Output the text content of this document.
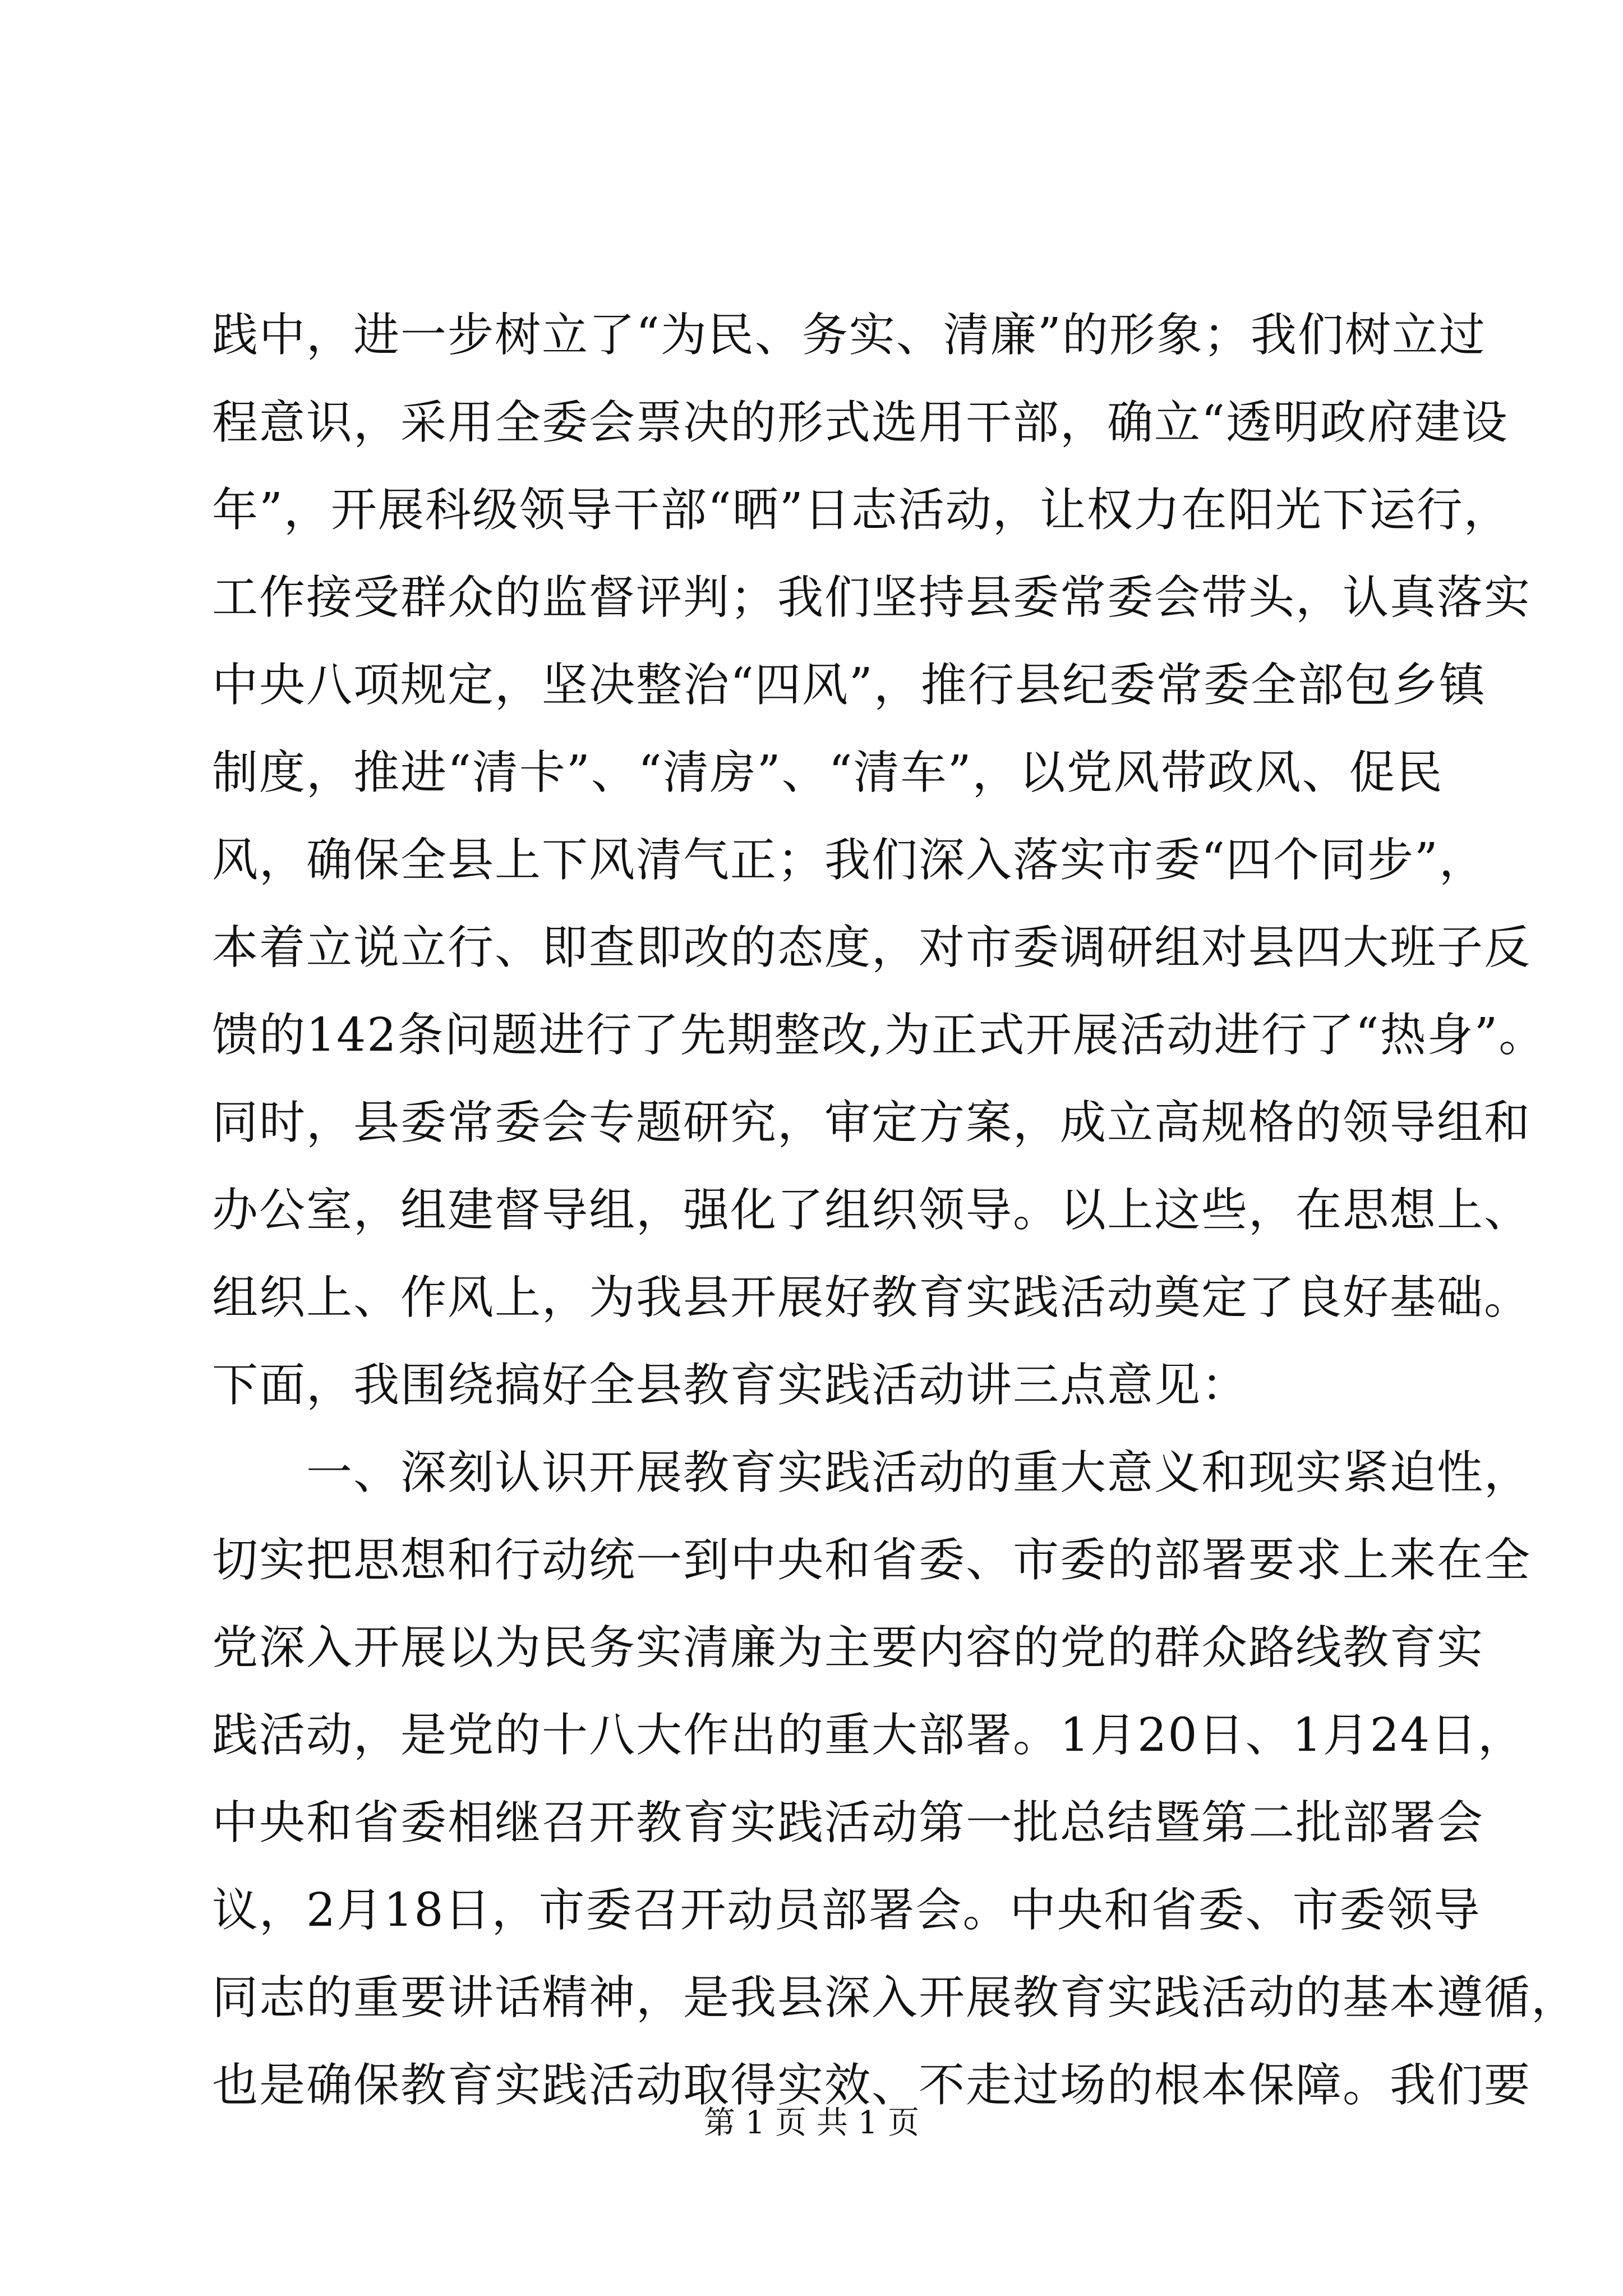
践中，进一步树立了“为民、务实、清廉”的形象；我们树立过
程意识，采用全委会票决的形式选用干部，确立“透明政府建设
年”，开展科级领导干部“晒”日志活动，让权力在阳光下运行，
工作接受群众的监督评判；我们坚持县委常委会带头，认真落实
中央八项规定，坚决整治“四风”，推行县纪委常委全部包乡镇
制度，推进“清卡”、“清房”、“清车”，以党风带政风、促民
风，确保全县上下风清气正；我们深入落实市委“四个同步”，
本着立说立行、即查即改的态度，对市委调研组对县四大班子反
馈的142条问题进行了先期整改,为正式开展活动进行了“热身”。
同时，县委常委会专题研究，审定方案，成立高规格的领导组和
办公室，组建督导组，强化了组织领导。以上这些，在思想上、
组织上、作风上，为我县开展好教育实践活动奠定了良好基础。
下面，我围绕搞好全县教育实践活动讲三点意见：
　　一、深刻认识开展教育实践活动的重大意义和现实紧迫性，
切实把思想和行动统一到中央和省委、市委的部署要求上来在全
党深入开展以为民务实清廉为主要内容的党的群众路线教育实
践活动，是党的十八大作出的重大部署。1月20日、1月24日，
中央和省委相继召开教育实践活动第一批总结暨第二批部署会
议，2月18日，市委召开动员部署会。中央和省委、市委领导
同志的重要讲话精神，是我县深入开展教育实践活动的基本遵循，
也是确保教育实践活动取得实效、不走过场的根本保障。我们要
第 1 页 共 1 页
